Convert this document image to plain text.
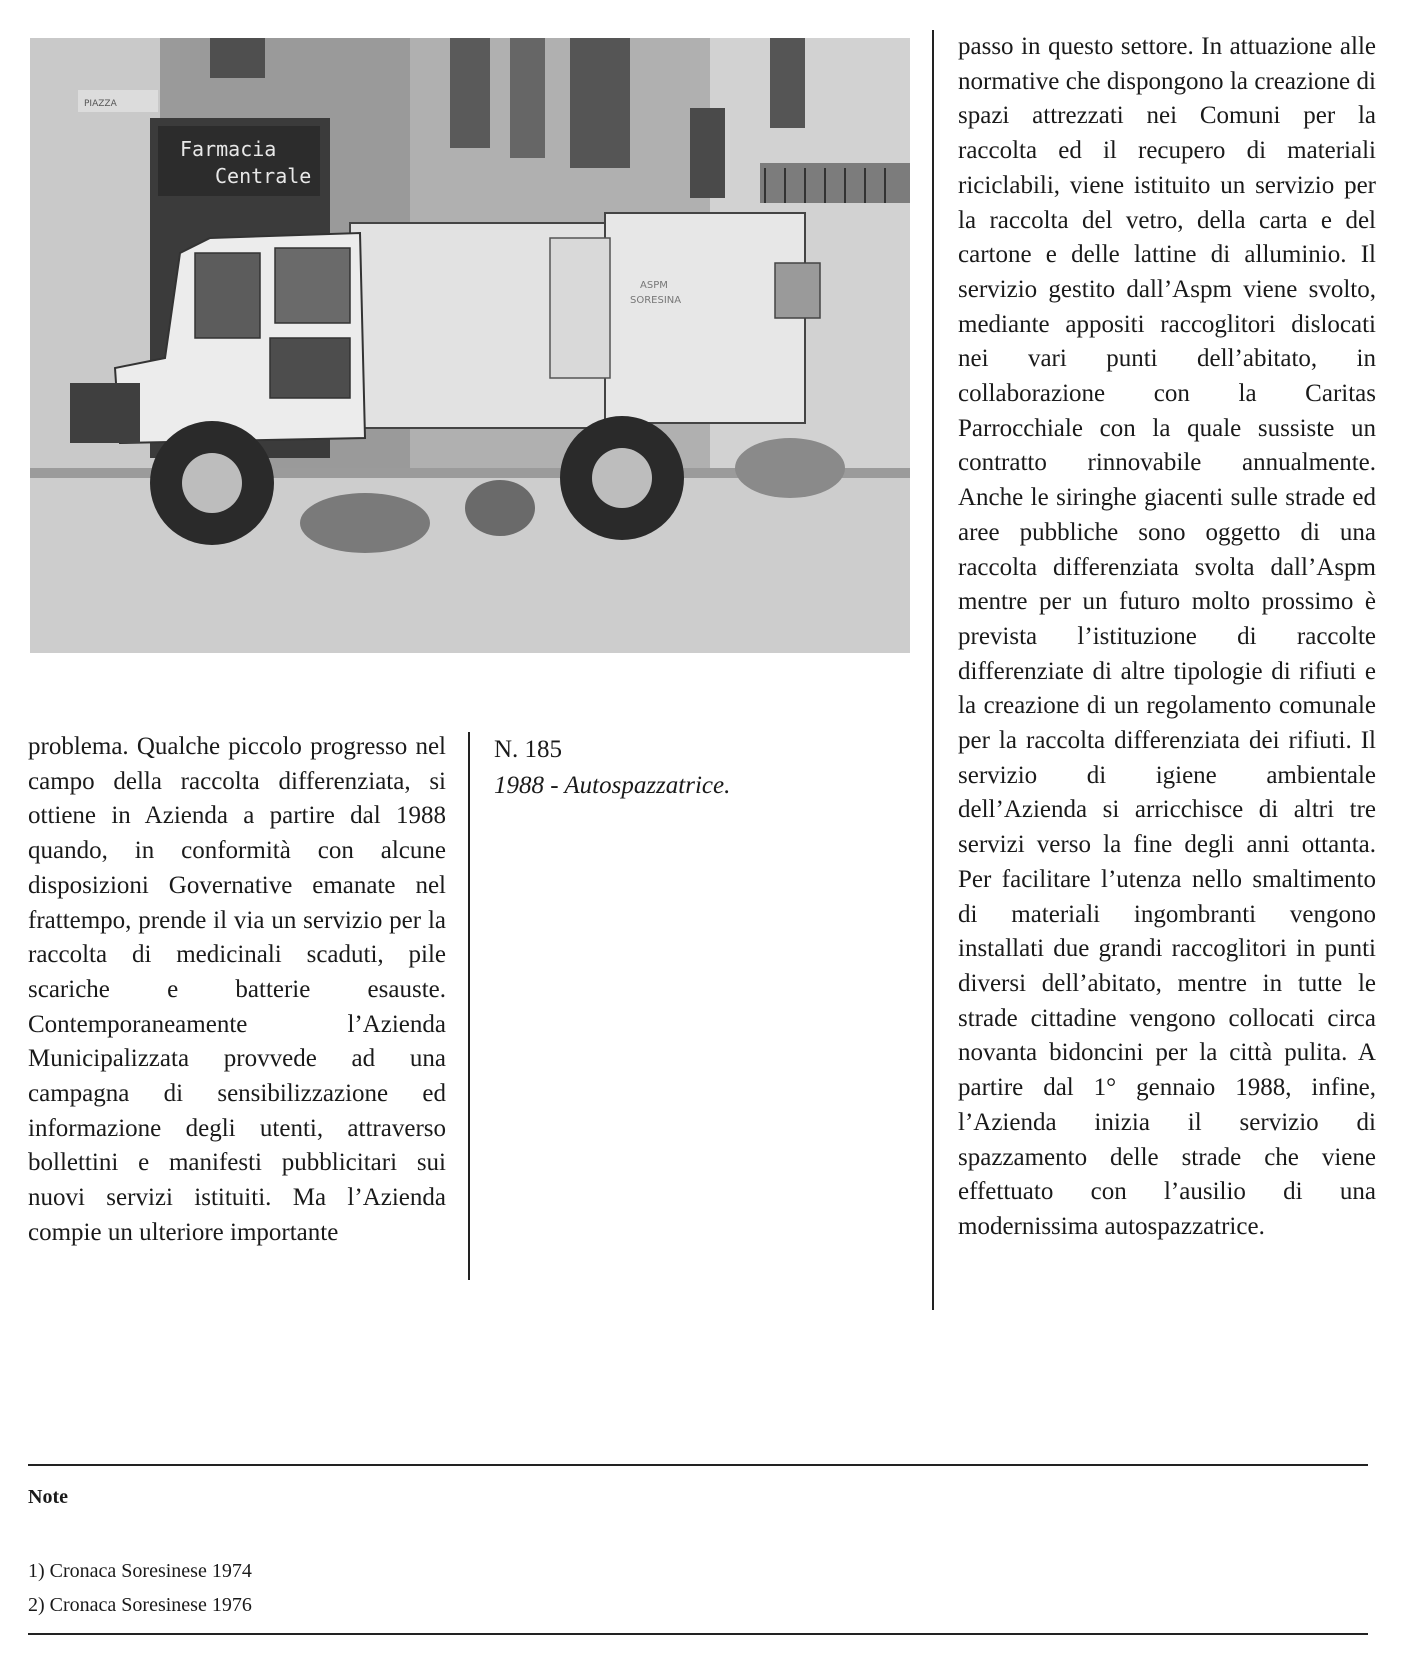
Farmacia
Centrale
PIAZZA
ASPM
SORESINA

problema. Qualche piccolo progresso nel campo della raccolta differenziata, si ottiene in Azienda a partire dal 1988 quando, in conformità con alcune disposizioni Governative emanate nel frattempo, prende il via un servizio per la raccolta di medicinali scaduti, pile scariche e batterie esauste. Contemporaneamente l’Azienda Municipalizzata provvede ad una campagna di sensibilizzazione ed informazione degli utenti, attraverso bollettini e manifesti pubblicitari sui nuovi servizi istituiti. Ma l’Azienda compie un ulteriore importante

N. 185
1988 - Autospazzatrice.

passo in questo settore. In attuazione alle normative che dispongono la creazione di spazi attrezzati nei Comuni per la raccolta ed il recupero di materiali riciclabili, viene istituito un servizio per la raccolta del vetro, della carta e del cartone e delle lattine di alluminio. Il servizio gestito dall’Aspm viene svolto, mediante appositi raccoglitori dislocati nei vari punti dell’abitato, in collaborazione con la Caritas Parrocchiale con la quale sussiste un contratto rinnovabile annualmente. Anche le siringhe giacenti sulle strade ed aree pubbliche sono oggetto di una raccolta differenziata svolta dall’Aspm mentre per un futuro molto prossimo è prevista l’istituzione di raccolte differenziate di altre tipologie di rifiuti e la creazione di un regolamento comunale per la raccolta differenziata dei rifiuti. Il servizio di igiene ambientale dell’Azienda si arricchisce di altri tre servizi verso la fine degli anni ottanta. Per facilitare l’utenza nello smaltimento di materiali ingombranti vengono installati due grandi raccoglitori in punti diversi dell’abitato, mentre in tutte le strade cittadine vengono collocati circa novanta bidoncini per la città pulita. A partire dal 1° gennaio 1988, infine, l’Azienda inizia il servizio di spazzamento delle strade che viene effettuato con l’ausilio di una modernissima autospazzatrice.

Note
1) Cronaca Soresinese 1974
2) Cronaca Soresinese 1976
